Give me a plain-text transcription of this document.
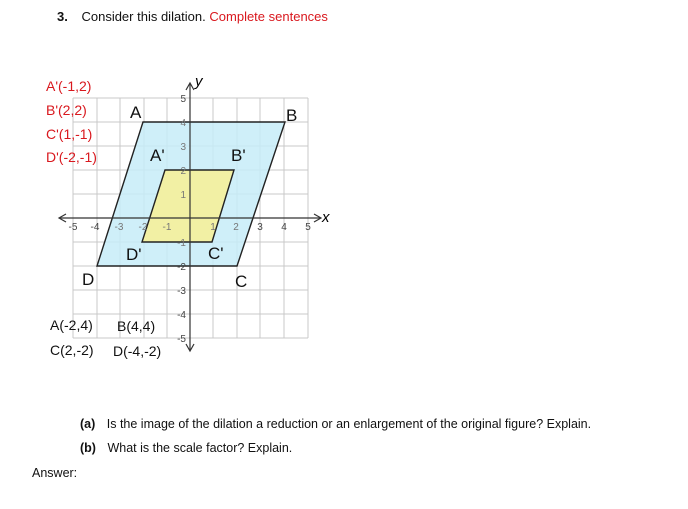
3. Consider this dilation. Complete sentences
x
y
-5 -4 -3 -2 -1	1 2 3 4 5
1
2
3
4
5
-1
-2
-3
-4
-5
A	B
C
D
A'	B'
C'
D'
A'(-1,2)
B'(2,2)
C'(1,-1)
D'(-2,-1)
A(-2,4) B(4,4)
C(2,-2) D(-4,-2)
(a) Is the image of the dilation a reduction or an enlargement of the original figure? Explain.
(b) What is the scale factor? Explain.
Answer:
